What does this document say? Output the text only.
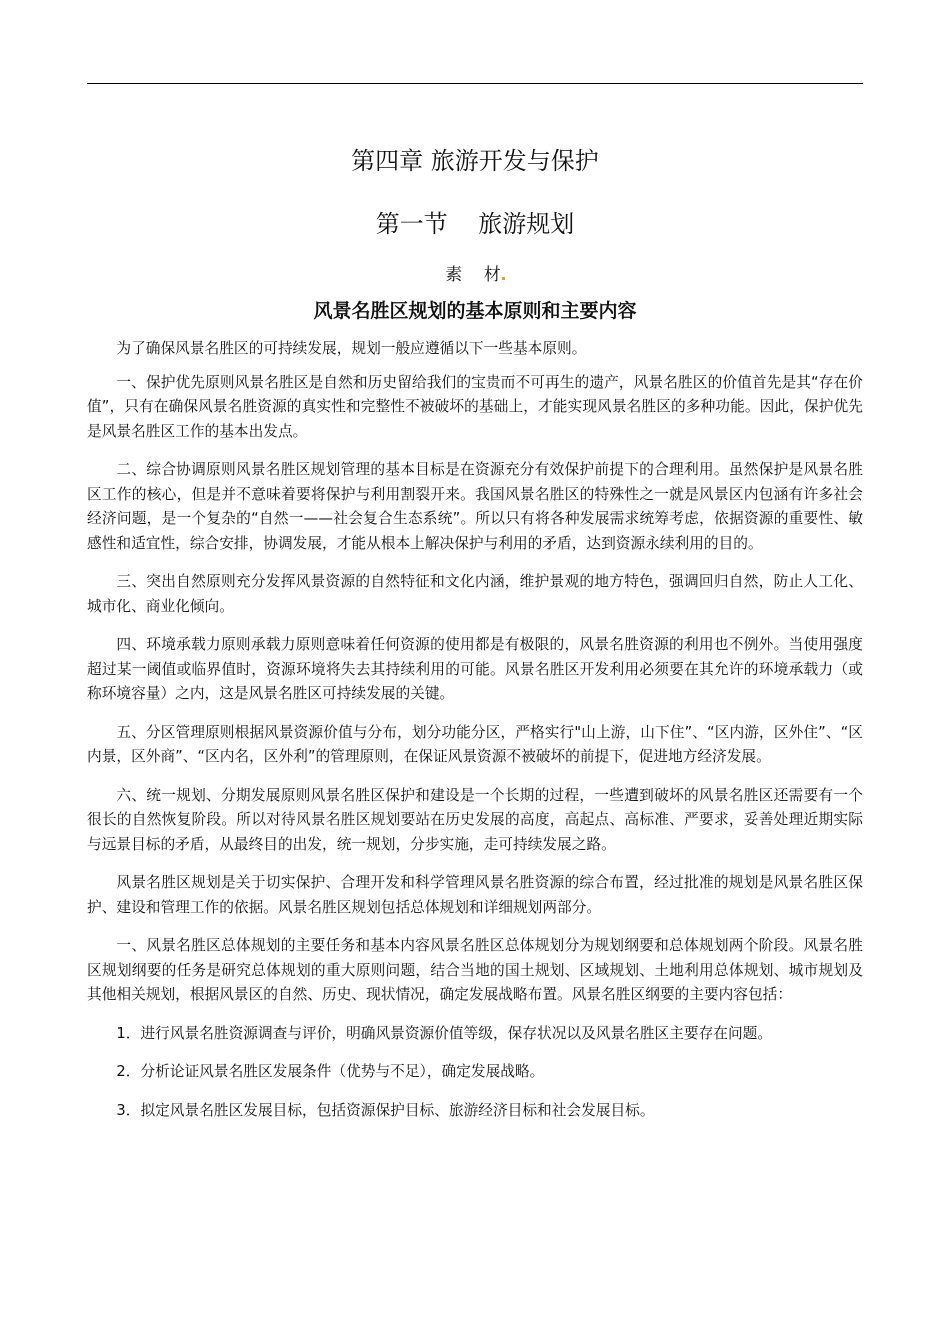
第四章 旅游开发与保护
第一节    旅游规划
素    材
风景名胜区规划的基本原则和主要内容

为了确保风景名胜区的可持续发展，规划一般应遵循以下一些基本原则。

一、保护优先原则风景名胜区是自然和历史留给我们的宝贵而不可再生的遗产，风景名胜区的价值首先是其“存在价值”，只有在确保风景名胜资源的真实性和完整性不被破坏的基础上，才能实现风景名胜区的多种功能。因此，保护优先是风景名胜区工作的基本出发点。

二、综合协调原则风景名胜区规划管理的基本目标是在资源充分有效保护前提下的合理利用。虽然保护是风景名胜区工作的核心，但是并不意味着要将保护与利用割裂开来。我国风景名胜区的特殊性之一就是风景区内包涵有许多社会经济问题，是一个复杂的“自然一——社会复合生态系统”。所以只有将各种发展需求统筹考虑，依据资源的重要性、敏感性和适宜性，综合安排，协调发展，才能从根本上解决保护与利用的矛盾，达到资源永续利用的目的。

三、突出自然原则充分发挥风景资源的自然特征和文化内涵，维护景观的地方特色，强调回归自然，防止人工化、城市化、商业化倾向。

四、环境承载力原则承载力原则意味着任何资源的使用都是有极限的，风景名胜资源的利用也不例外。当使用强度超过某一阈值或临界值时，资源环境将失去其持续利用的可能。风景名胜区开发利用必须要在其允许的环境承载力（或称环境容量）之内，这是风景名胜区可持续发展的关键。

五、分区管理原则根据风景资源价值与分布，划分功能分区，严格实行"山上游，山下住”、“区内游，区外住”、“区内景，区外商”、“区内名，区外利”的管理原则，在保证风景资源不被破坏的前提下，促进地方经济发展。

六、统一规划、分期发展原则风景名胜区保护和建设是一个长期的过程，一些遭到破坏的风景名胜区还需要有一个很长的自然恢复阶段。所以对待风景名胜区规划要站在历史发展的高度，高起点、高标准、严要求，妥善处理近期实际与远景目标的矛盾，从最终目的出发，统一规划，分步实施，走可持续发展之路。

风景名胜区规划是关于切实保护、合理开发和科学管理风景名胜资源的综合布置，经过批准的规划是风景名胜区保护、建设和管理工作的依据。风景名胜区规划包括总体规划和详细规划两部分。

一、风景名胜区总体规划的主要任务和基本内容风景名胜区总体规划分为规划纲要和总体规划两个阶段。风景名胜区规划纲要的任务是研究总体规划的重大原则问题，结合当地的国土规划、区域规划、土地利用总体规划、城市规划及其他相关规划，根据风景区的自然、历史、现状情况，确定发展战略布置。风景名胜区纲要的主要内容包括：

1．进行风景名胜资源调查与评价，明确风景资源价值等级，保存状况以及风景名胜区主要存在问题。
2．分析论证风景名胜区发展条件（优势与不足），确定发展战略。
3．拟定风景名胜区发展目标，包括资源保护目标、旅游经济目标和社会发展目标。
